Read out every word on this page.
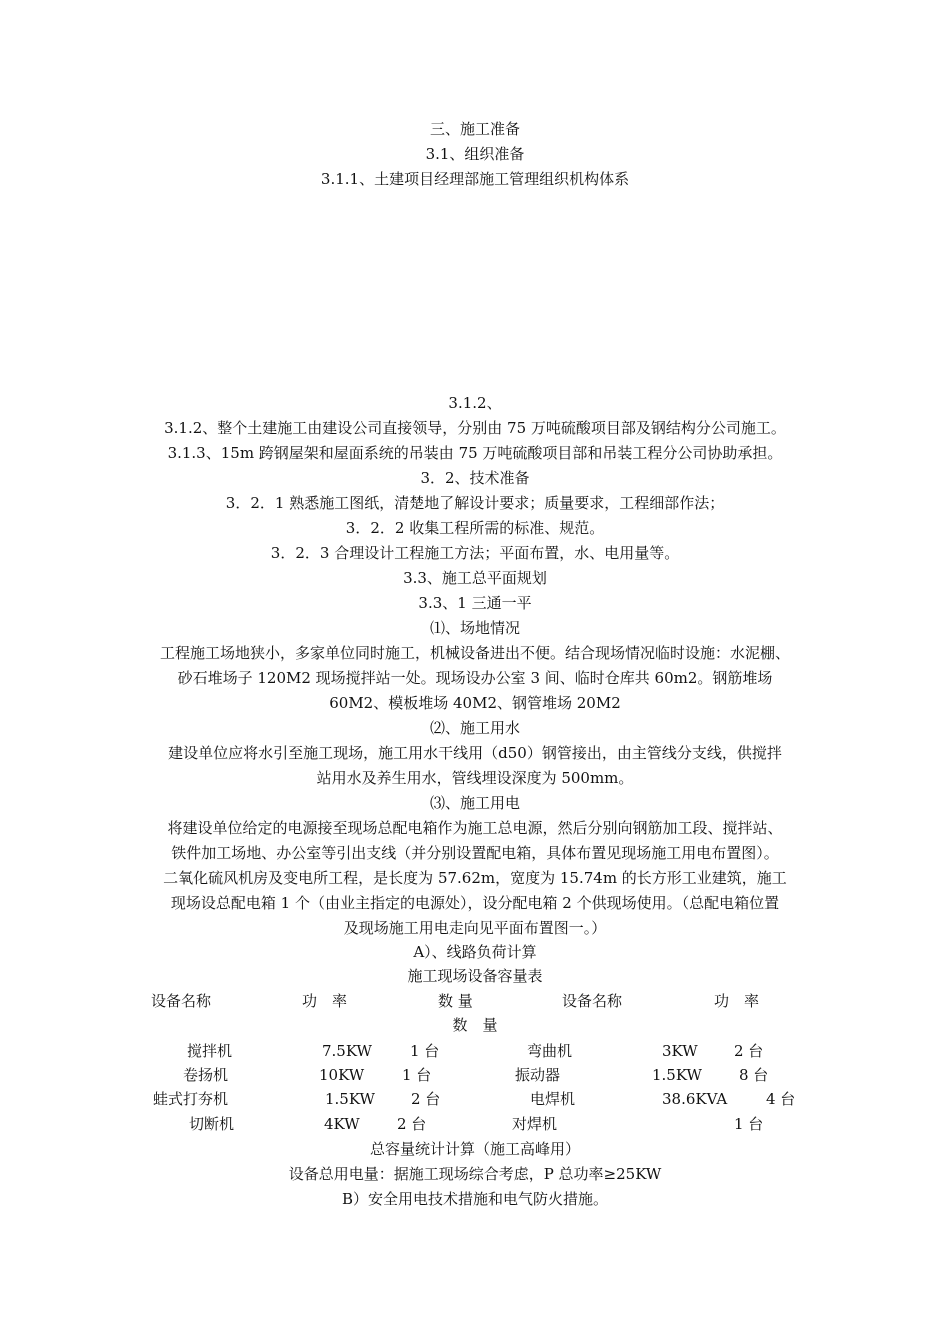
三、施工准备
3.1、组织准备
3.1.1、土建项目经理部施工管理组织机构体系
3.1.2、
3.1.2、整个土建施工由建设公司直接领导，分别由 75 万吨硫酸项目部及钢结构分公司施工。
3.1.3、15m 跨钢屋架和屋面系统的吊装由 75 万吨硫酸项目部和吊装工程分公司协助承担。
3．2、技术准备
3．2．1 熟悉施工图纸，清楚地了解设计要求；质量要求，工程细部作法；
3．2．2 收集工程所需的标准、规范。
3．2．3 合理设计工程施工方法；平面布置，水、电用量等。
3.3、施工总平面规划
3.3、1 三通一平
⑴、场地情况
工程施工场地狭小，多家单位同时施工，机械设备进出不便。结合现场情况临时设施：水泥棚、
砂石堆场子 120M2 现场搅拌站一处。现场设办公室 3 间、临时仓库共 60m2。钢筋堆场
60M2、模板堆场 40M2、钢管堆场 20M2
⑵、施工用水
建设单位应将水引至施工现场，施工用水干线用（d50）钢管接出，由主管线分支线，供搅拌
站用水及养生用水，管线埋设深度为 500mm。
⑶、施工用电
将建设单位给定的电源接至现场总配电箱作为施工总电源，然后分别向钢筋加工段、搅拌站、
铁件加工场地、办公室等引出支线（并分别设置配电箱，具体布置见现场施工用电布置图）。
二氧化硫风机房及变电所工程，是长度为 57.62m，宽度为 15.74m 的长方形工业建筑，施工
现场设总配电箱 1 个（由业主指定的电源处），设分配电箱 2 个供现场使用。（总配电箱位置
及现场施工用电走向见平面布置图一。）
A）、线路负荷计算
施工现场设备容量表
设备名称	功　率	数 量	设备名称	功　率
数　量
搅拌机	7.5KW	1 台	弯曲机	3KW 2 台
卷扬机	10KW	1 台	振动器	1.5KW 8 台
蛙式打夯机	1.5KW 2 台	电焊机	38.6KVA	4 台
切断机	4KW 2 台	对焊机	1 台
总容量统计计算（施工高峰用）
设备总用电量：据施工现场综合考虑，P 总功率≥25KW
B）安全用电技术措施和电气防火措施。
